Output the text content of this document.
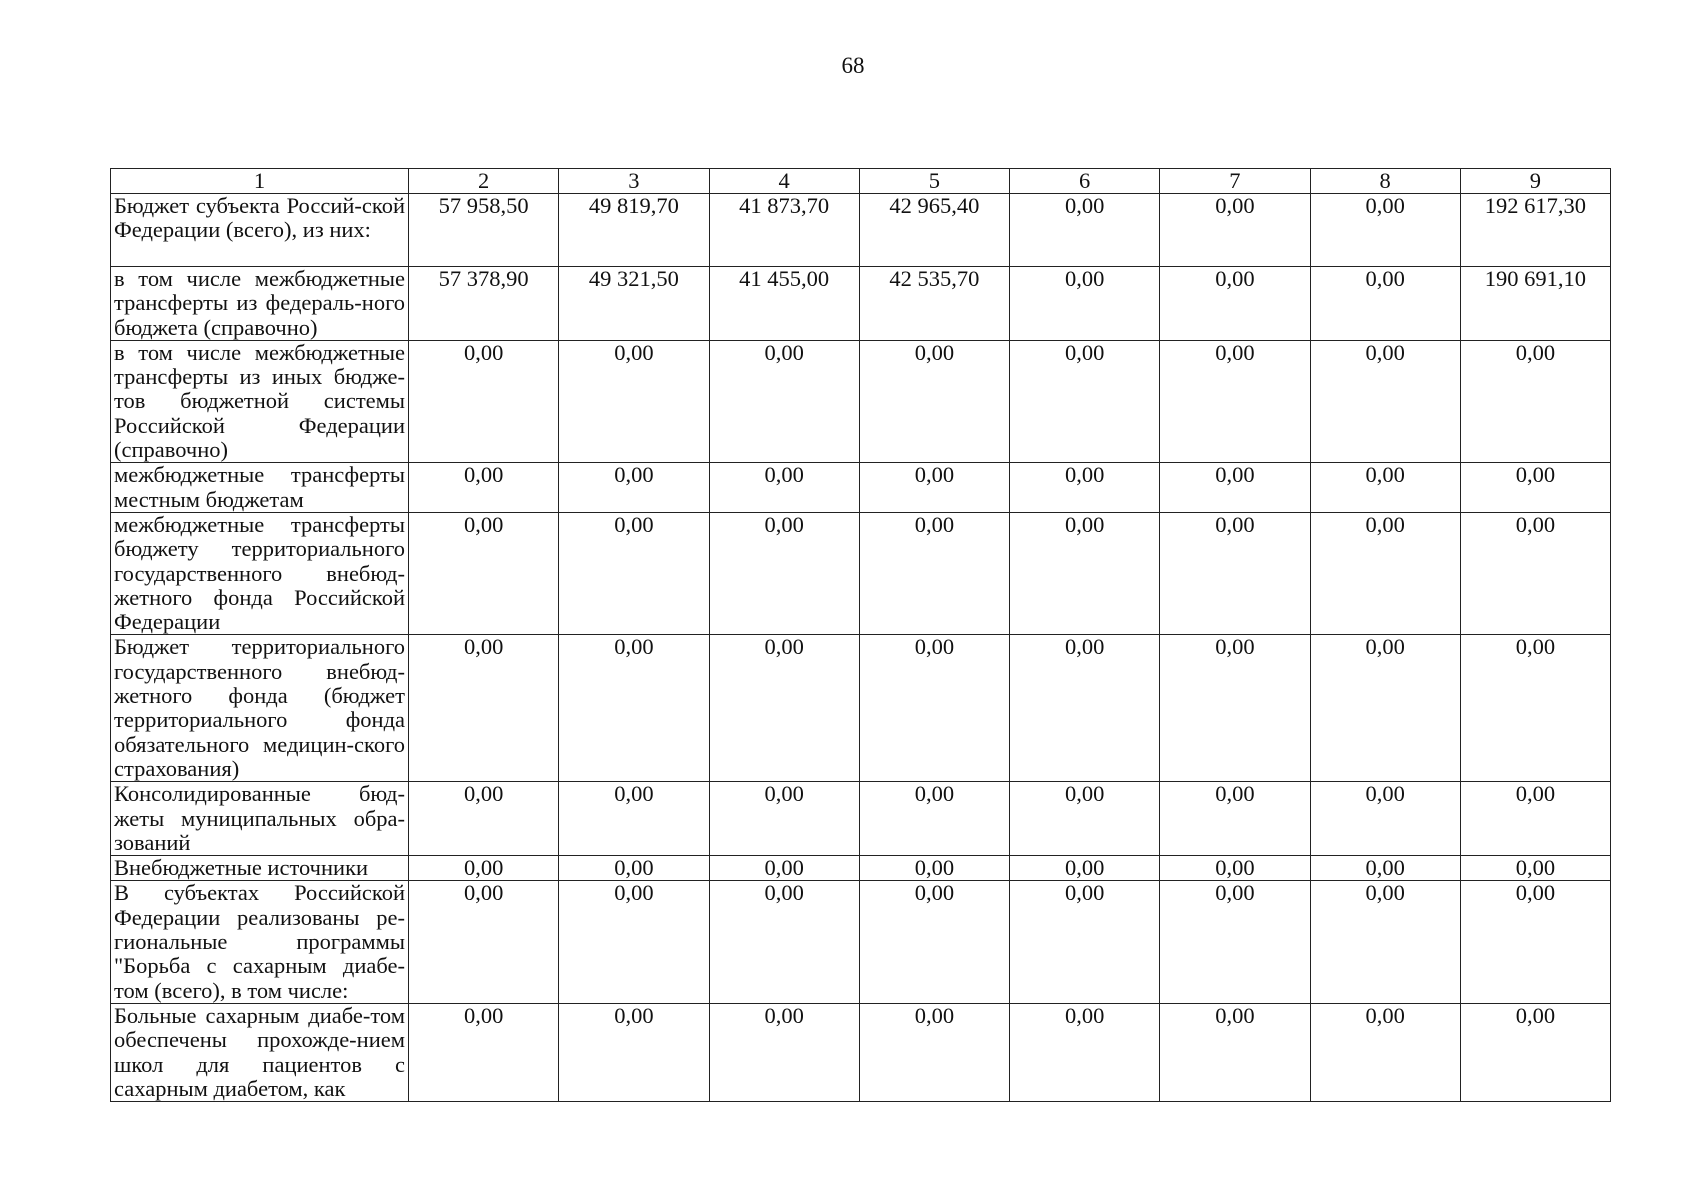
68
1	2	3	4	5	6	7	8	9
Бюджет субъекта Россий-ской Федерации (всего), из них:	57 958,50	49 819,70	41 873,70	42 965,40	0,00	0,00	0,00	192 617,30
в том числе межбюджетные трансферты из федераль-ного бюджета (справочно)	57 378,90	49 321,50	41 455,00	42 535,70	0,00	0,00	0,00	190 691,10
в том числе межбюджетные трансферты из иных бюдже-тов бюджетной системы Российской Федерации (справочно)	0,00	0,00	0,00	0,00	0,00	0,00	0,00	0,00
межбюджетные трансферты местным бюджетам	0,00	0,00	0,00	0,00	0,00	0,00	0,00	0,00
межбюджетные трансферты бюджету территориального государственного внебюд-жетного фонда Российской Федерации	0,00	0,00	0,00	0,00	0,00	0,00	0,00	0,00
Бюджет территориального государственного внебюд-жетного фонда (бюджет территориального фонда обязательного медицин-ского страхования)	0,00	0,00	0,00	0,00	0,00	0,00	0,00	0,00
Консолидированные бюд-жеты муниципальных обра-зований	0,00	0,00	0,00	0,00	0,00	0,00	0,00	0,00
Внебюджетные источники	0,00	0,00	0,00	0,00	0,00	0,00	0,00	0,00
В субъектах Российской Федерации реализованы ре-гиональные программы "Борьба с сахарным диабе-том (всего), в том числе:	0,00	0,00	0,00	0,00	0,00	0,00	0,00	0,00
Больные сахарным диабе-том обеспечены прохожде-нием школ для пациентов с сахарным диабетом, как	0,00	0,00	0,00	0,00	0,00	0,00	0,00	0,00
